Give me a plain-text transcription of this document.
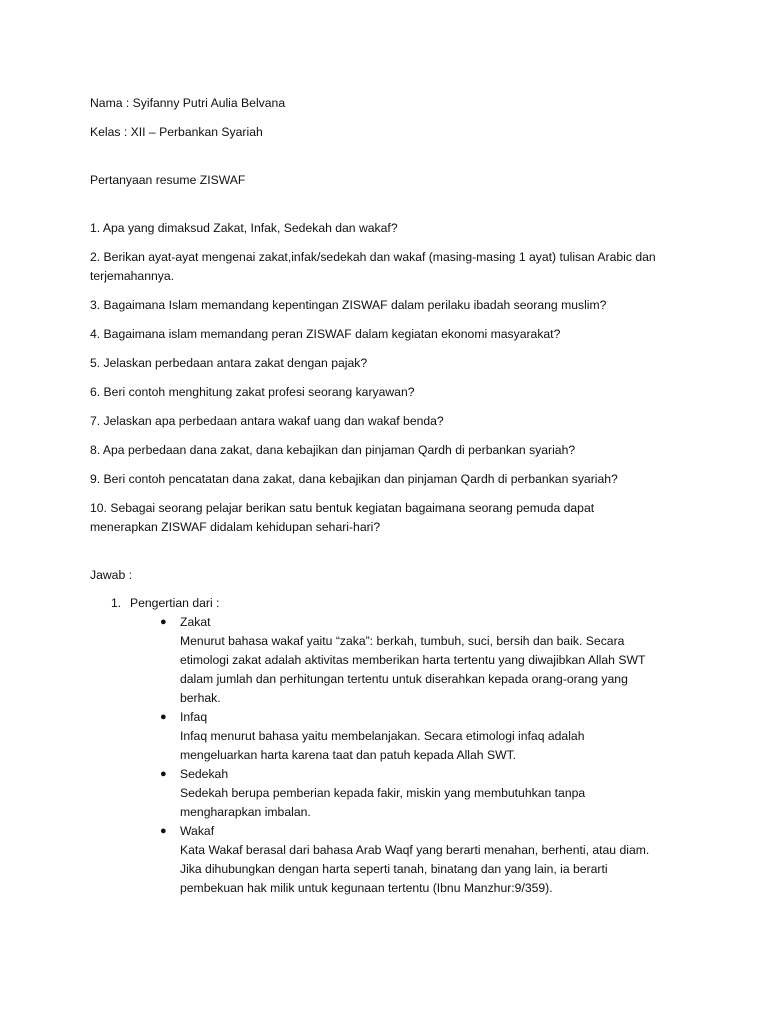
Nama : Syifanny Putri Aulia Belvana
Kelas : XII – Perbankan Syariah
Pertanyaan resume ZISWAF
1. Apa yang dimaksud Zakat, Infak, Sedekah dan wakaf?
2. Berikan ayat-ayat mengenai zakat,infak/sedekah dan wakaf (masing-masing 1 ayat) tulisan Arabic dan
terjemahannya.
3. Bagaimana Islam memandang kepentingan ZISWAF dalam perilaku ibadah seorang muslim?
4. Bagaimana islam memandang peran ZISWAF dalam kegiatan ekonomi masyarakat?
5. Jelaskan perbedaan antara zakat dengan pajak?
6. Beri contoh menghitung zakat profesi seorang karyawan?
7. Jelaskan apa perbedaan antara wakaf uang dan wakaf benda?
8. Apa perbedaan dana zakat, dana kebajikan dan pinjaman Qardh di perbankan syariah?
9. Beri contoh pencatatan dana zakat, dana kebajikan dan pinjaman Qardh di perbankan syariah?
10. Sebagai seorang pelajar berikan satu bentuk kegiatan bagaimana seorang pemuda dapat
menerapkan ZISWAF didalam kehidupan sehari-hari?
Jawab :
1. Pengertian dari :
● Zakat
Menurut bahasa wakaf yaitu “zaka”: berkah, tumbuh, suci, bersih dan baik. Secara
etimologi zakat adalah aktivitas memberikan harta tertentu yang diwajibkan Allah SWT
dalam jumlah dan perhitungan tertentu untuk diserahkan kepada orang-orang yang
berhak.
● Infaq
Infaq menurut bahasa yaitu membelanjakan. Secara etimologi infaq adalah
mengeluarkan harta karena taat dan patuh kepada Allah SWT.
● Sedekah
Sedekah berupa pemberian kepada fakir, miskin yang membutuhkan tanpa
mengharapkan imbalan.
● Wakaf
Kata Wakaf berasal dari bahasa Arab Waqf yang berarti menahan, berhenti, atau diam.
Jika dihubungkan dengan harta seperti tanah, binatang dan yang lain, ia berarti
pembekuan hak milik untuk kegunaan tertentu (Ibnu Manzhur:9/359).
